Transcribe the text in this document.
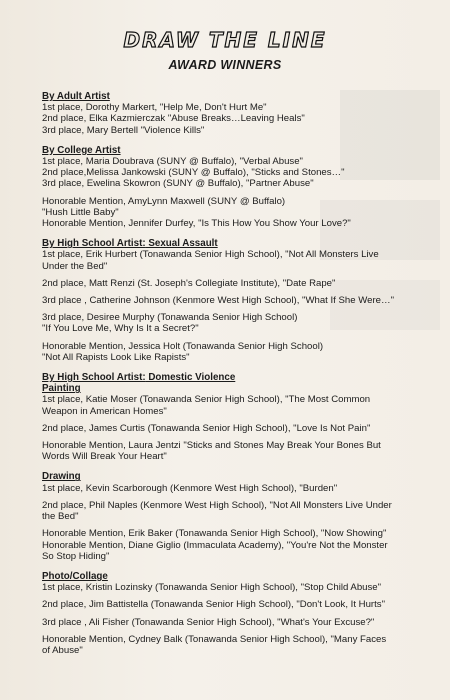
DRAW THE LINE
AWARD WINNERS
By Adult Artist
1st place, Dorothy Markert, "Help Me, Don't Hurt Me"
2nd place, Elka Kazmierczak "Abuse Breaks…Leaving Heals"
3rd place, Mary Bertell "Violence Kills"
By College Artist
1st place, Maria Doubrava (SUNY @ Buffalo), "Verbal Abuse"
2nd place,Melissa Jankowski (SUNY @ Buffalo), "Sticks and Stones…"
3rd place, Ewelina Skowron (SUNY @ Buffalo), "Partner Abuse"
Honorable Mention, AmyLynn Maxwell (SUNY @ Buffalo)
"Hush Little Baby"
Honorable Mention, Jennifer Durfey, "Is This How You Show Your Love?"
By High School Artist: Sexual Assault
1st place, Erik Hurbert (Tonawanda Senior High School), "Not All Monsters Live
Under the Bed"
2nd place, Matt Renzi (St. Joseph's Collegiate Institute), "Date Rape"
3rd place , Catherine Johnson (Kenmore West High School), "What If She Were…"
3rd place, Desiree Murphy (Tonawanda Senior High School)
"If You Love Me, Why Is It a Secret?"
Honorable Mention, Jessica Holt (Tonawanda Senior High School)
"Not All Rapists Look Like Rapists"
By High School Artist: Domestic Violence
Painting
1st place, Katie Moser (Tonawanda Senior High School), "The Most Common
Weapon in American Homes"
2nd place, James Curtis (Tonawanda Senior High School), "Love Is Not Pain"
Honorable Mention, Laura Jentzi "Sticks and Stones May Break Your Bones But
Words Will Break Your Heart"
Drawing
1st place, Kevin Scarborough (Kenmore West High School), "Burden"
2nd place, Phil Naples (Kenmore West High School), "Not All Monsters Live Under
the Bed"
Honorable Mention, Erik Baker (Tonawanda Senior High School), "Now Showing"
Honorable Mention, Diane Giglio (Immaculata Academy), "You're Not the Monster
So Stop Hiding"
Photo/Collage
1st place, Kristin Lozinsky (Tonawanda Senior High School), "Stop Child Abuse"
2nd place, Jim Battistella (Tonawanda Senior High School), "Don't Look, It Hurts"
3rd place , Ali Fisher (Tonawanda Senior High School), "What's Your Excuse?"
Honorable Mention, Cydney Balk (Tonawanda Senior High School), "Many Faces
of Abuse"
